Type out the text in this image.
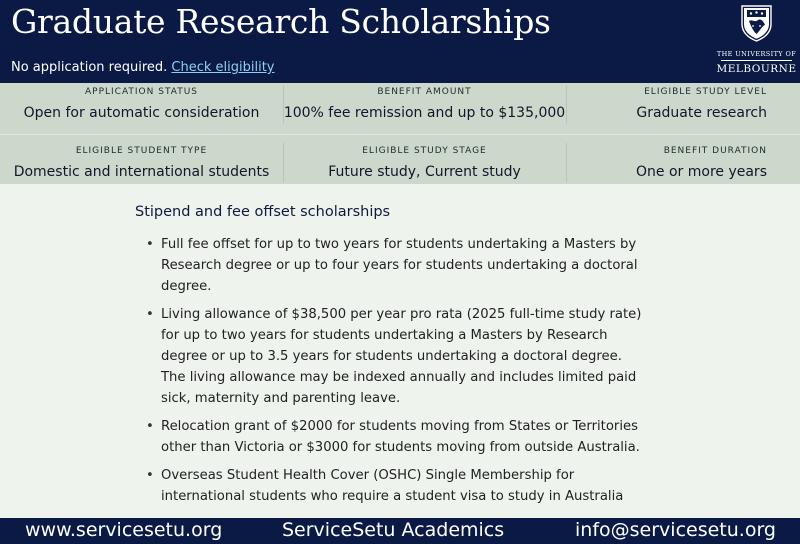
Graduate Research Scholarships
No application required. Check eligibility
THE UNIVERSITY OF
MELBOURNE
APPLICATION STATUS
Open for automatic consideration
BENEFIT AMOUNT
100% fee remission and up to $135,000
ELIGIBLE STUDY LEVEL
Graduate research
ELIGIBLE STUDENT TYPE
Domestic and international students
ELIGIBLE STUDY STAGE
Future study, Current study
BENEFIT DURATION
One or more years
Stipend and fee offset scholarships
• Full fee offset for up to two years for students undertaking a Masters by Research degree or up to four years for students undertaking a doctoral degree.
• Living allowance of $38,500 per year pro rata (2025 full-time study rate) for up to two years for students undertaking a Masters by Research degree or up to 3.5 years for students undertaking a doctoral degree. The living allowance may be indexed annually and includes limited paid sick, maternity and parenting leave.
• Relocation grant of $2000 for students moving from States or Territories other than Victoria or $3000 for students moving from outside Australia.
• Overseas Student Health Cover (OSHC) Single Membership for international students who require a student visa to study in Australia
www.servicesetu.org	ServiceSetu Academics	info@servicesetu.org
